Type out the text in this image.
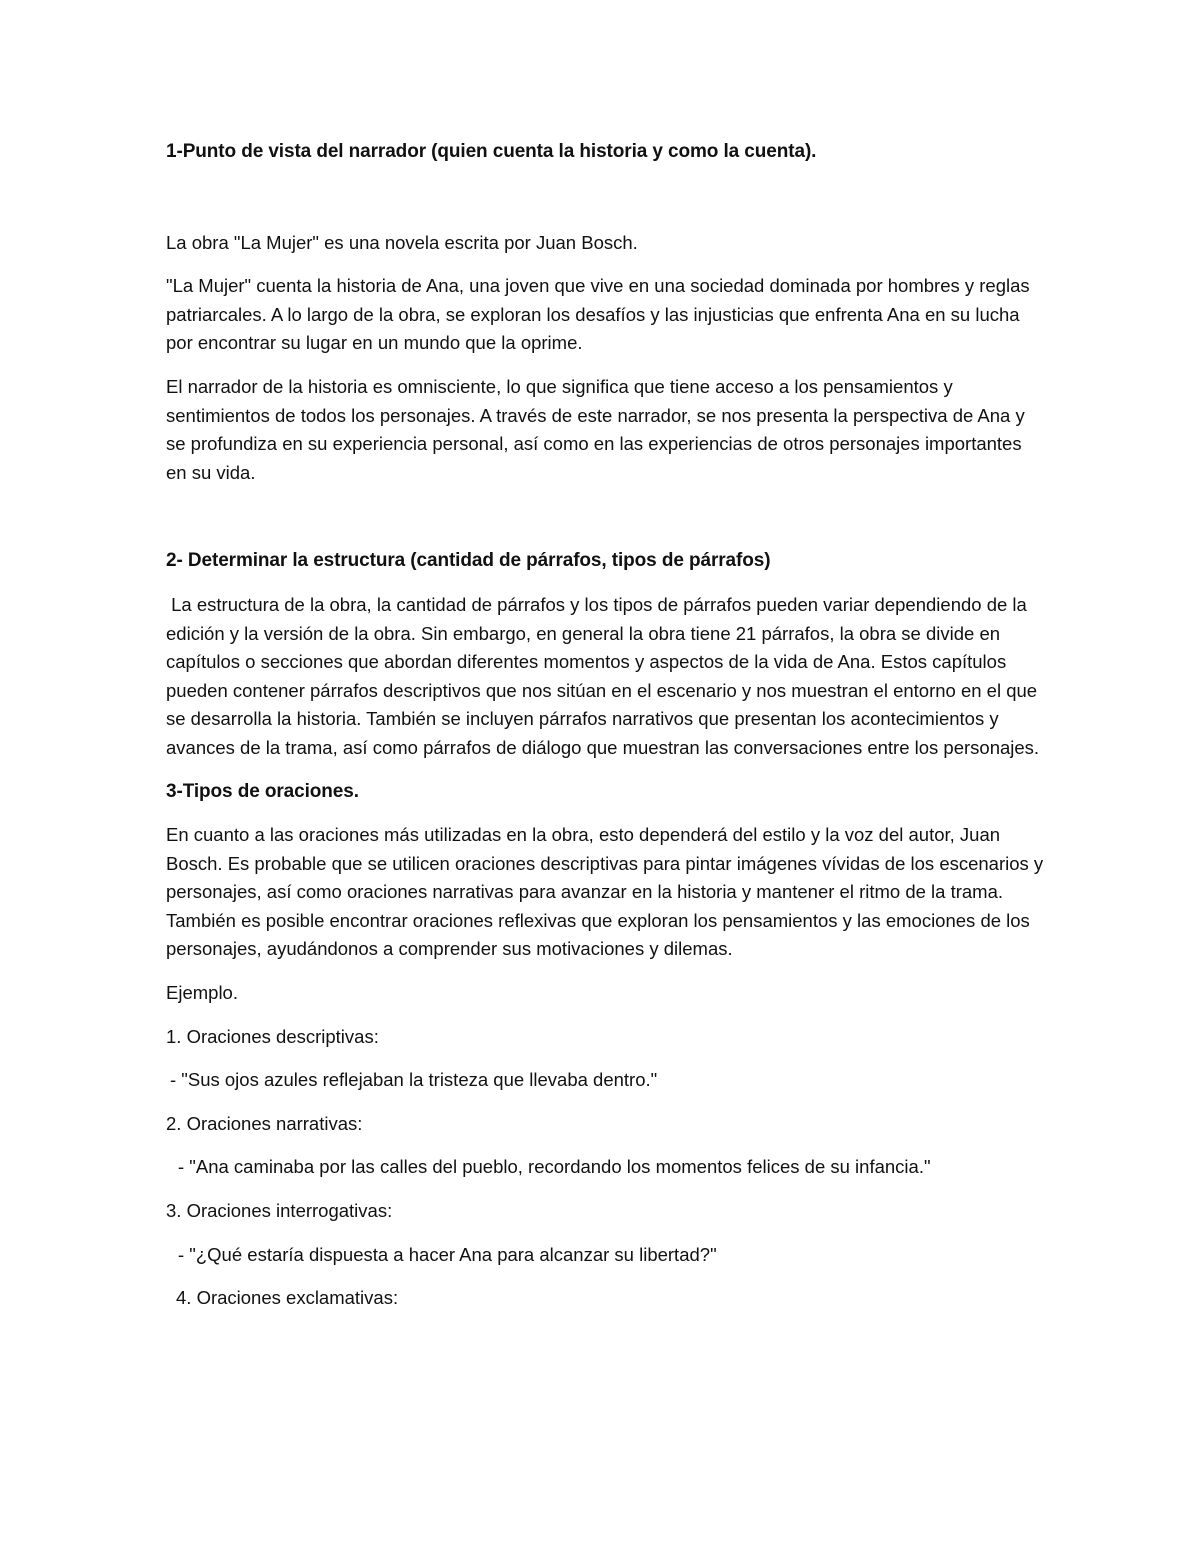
1-Punto de vista del narrador (quien cuenta la historia y como la cuenta).

La obra "La Mujer" es una novela escrita por Juan Bosch.

"La Mujer" cuenta la historia de Ana, una joven que vive en una sociedad dominada por hombres y reglas patriarcales. A lo largo de la obra, se exploran los desafíos y las injusticias que enfrenta Ana en su lucha por encontrar su lugar en un mundo que la oprime.

El narrador de la historia es omnisciente, lo que significa que tiene acceso a los pensamientos y sentimientos de todos los personajes. A través de este narrador, se nos presenta la perspectiva de Ana y se profundiza en su experiencia personal, así como en las experiencias de otros personajes importantes en su vida.

2- Determinar la estructura (cantidad de párrafos, tipos de párrafos)

La estructura de la obra, la cantidad de párrafos y los tipos de párrafos pueden variar dependiendo de la edición y la versión de la obra. Sin embargo, en general la obra tiene 21 párrafos, la obra se divide en capítulos o secciones que abordan diferentes momentos y aspectos de la vida de Ana. Estos capítulos pueden contener párrafos descriptivos que nos sitúan en el escenario y nos muestran el entorno en el que se desarrolla la historia. También se incluyen párrafos narrativos que presentan los acontecimientos y avances de la trama, así como párrafos de diálogo que muestran las conversaciones entre los personajes.

3-Tipos de oraciones.

En cuanto a las oraciones más utilizadas en la obra, esto dependerá del estilo y la voz del autor, Juan Bosch. Es probable que se utilicen oraciones descriptivas para pintar imágenes vívidas de los escenarios y personajes, así como oraciones narrativas para avanzar en la historia y mantener el ritmo de la trama. También es posible encontrar oraciones reflexivas que exploran los pensamientos y las emociones de los personajes, ayudándonos a comprender sus motivaciones y dilemas.

Ejemplo.

1. Oraciones descriptivas:

- "Sus ojos azules reflejaban la tristeza que llevaba dentro."

2. Oraciones narrativas:

- "Ana caminaba por las calles del pueblo, recordando los momentos felices de su infancia."

3. Oraciones interrogativas:

- "¿Qué estaría dispuesta a hacer Ana para alcanzar su libertad?"

4. Oraciones exclamativas:
